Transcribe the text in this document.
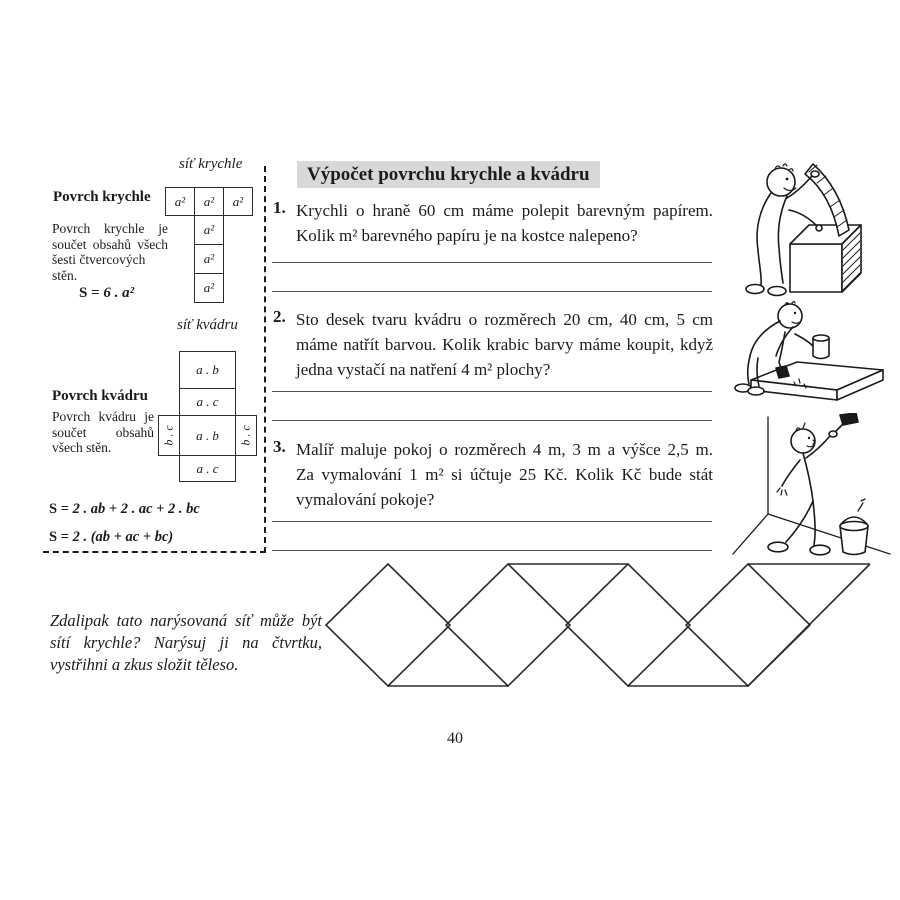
síť krychle
Povrch krychle a² a² a²
a²
a²
a²
Povrch krychle je
součet obsahů všech
šesti čtvercových stěn.
S = 6 . a²
síť kvádru
a . b
a . c
a . b
a . c
b . c	b . c
Povrch kvádru
Povrch kvádru je
součet obsahů
všech stěn.
S = 2 . ab + 2 . ac + 2 . bc
S = 2 . (ab + ac + bc)
Výpočet povrchu krychle a kvádru
1. Krychli o hraně 60 cm máme polepit barevným papírem.
Kolik m² barevného papíru je na kostce nalepeno?
2. Sto desek tvaru kvádru o rozměrech 20 cm, 40 cm, 5 cm
máme natřít barvou. Kolik krabic barvy máme koupit, když
jedna vystačí na natření 4 m² plochy?
3. Malíř maluje pokoj o rozměrech 4 m, 3 m a výšce 2,5 m.
Za vymalování 1 m² si účtuje 25 Kč. Kolik Kč bude stát
vymalování pokoje?
Zdalipak tato narýsovaná síť může být
sítí krychle? Narýsuj ji na čtvrtku,
vystřihni a zkus složit těleso.
40
